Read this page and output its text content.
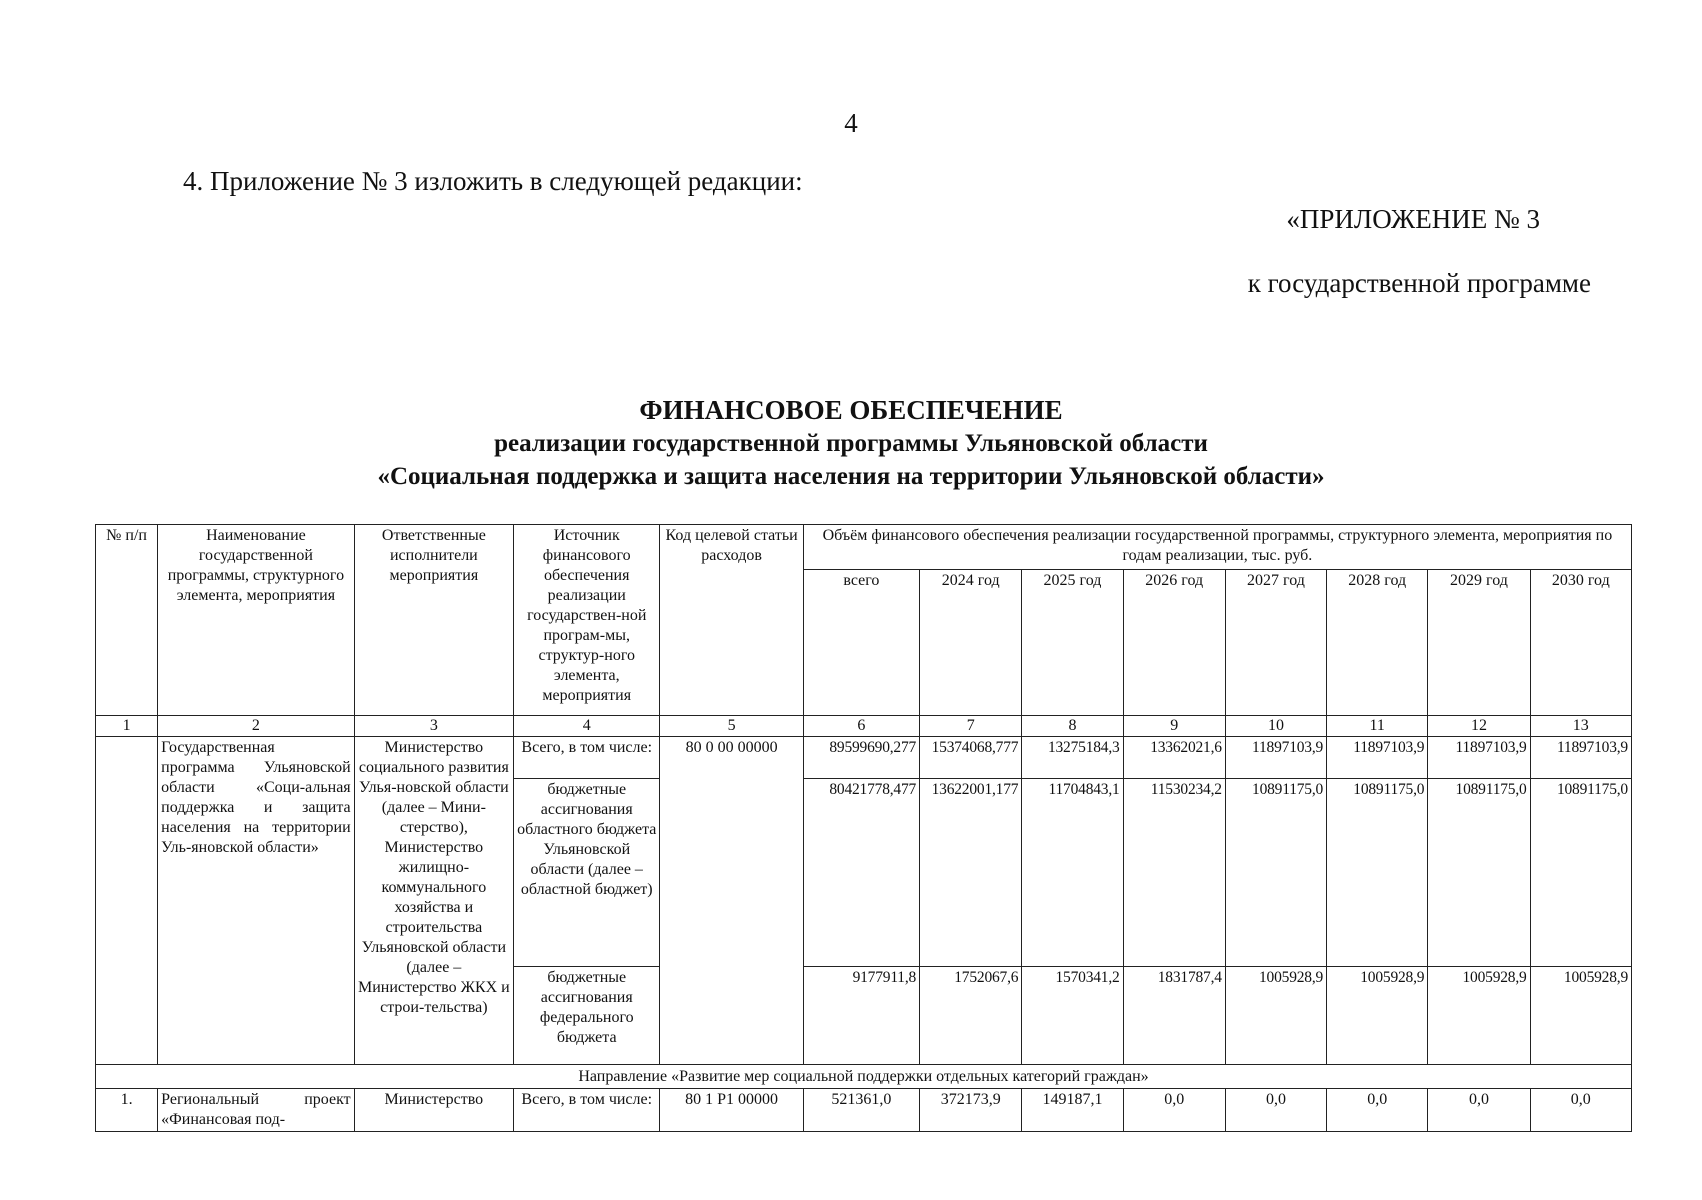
4
4. Приложение № 3 изложить в следующей редакции:
«ПРИЛОЖЕНИЕ № 3
к государственной программе
ФИНАНСОВОЕ ОБЕСПЕЧЕНИЕ
реализации государственной программы Ульяновской области
«Социальная поддержка и защита населения на территории Ульяновской области»
№ п/п	Наименование государственной программы, структурного элемента, мероприятия	Ответственные исполнители мероприятия	Источник финансового обеспечения реализации государствен-ной програм-мы, структур-ного элемента, мероприятия	Код целевой статьи расходов	Объём финансового обеспечения реализации государственной программы, структурного элемента, мероприятия по годам реализации, тыс. руб.							
					всего	2024 год	2025 год	2026 год	2027 год	2028 год	2029 год	2030 год
1	2	3	4	5	6	7	8	9	10	11	12	13
	Государственная программа Ульяновской области «Соци-альная поддержка и защита населения на территории Уль-яновской области»	Министерство социального развития Улья-новской области (далее – Мини-стерство), Министерство жилищно-коммунального хозяйства и строительства Ульяновской области (далее – Министерство ЖКХ и строи-тельства)	Всего, в том числе:	80 0 00 00000	89599690,277	15374068,777	13275184,3	13362021,6	11897103,9	11897103,9	11897103,9	11897103,9
			бюджетные ассигнования областного бюджета Ульяновской области (далее – областной бюджет)		80421778,477	13622001,177	11704843,1	11530234,2	10891175,0	10891175,0	10891175,0	10891175,0
			бюджетные ассигнования федерального бюджета		9177911,8	1752067,6	1570341,2	1831787,4	1005928,9	1005928,9	1005928,9	1005928,9
Направление «Развитие мер социальной поддержки отдельных категорий граждан»												
1.	Региональный проект «Финансовая под-	Министерство	Всего, в том числе:	80 1 Р1 00000	521361,0	372173,9	149187,1	0,0	0,0	0,0	0,0	0,0
